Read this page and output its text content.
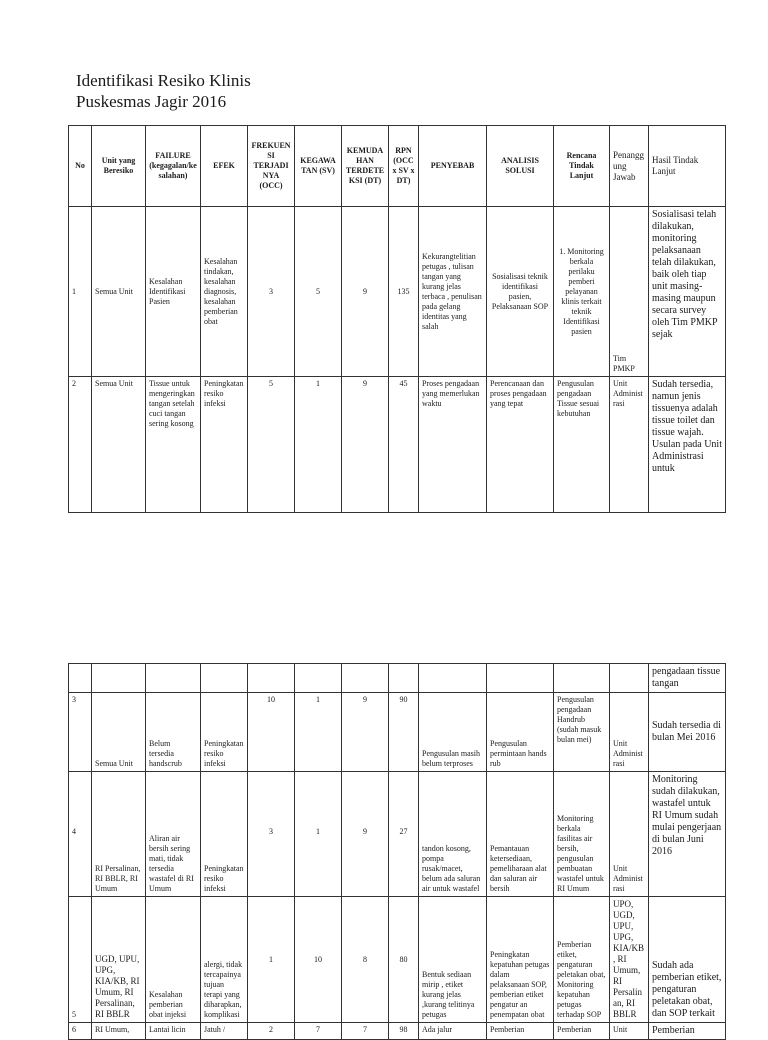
Identifikasi Resiko Klinis
Puskesmas Jagir 2016
No	Unit yang Beresiko	FAILURE (kegagalan/kesalahan)	EFEK	FREKUENSI TERJADINYA (OCC)	KEGAWATAN (SV)	KEMUDAHAN TERDETEKSI (DT)	RPN (OCC x SV x DT)	PENYEBAB	ANALISIS SOLUSI	Rencana Tindak Lanjut	Penanggung Jawab	Hasil Tindak Lanjut
1	Semua Unit	Kesalahan Identifikasi Pasien	Kesalahan tindakan, kesalahan diagnosis, kesalahan pemberian obat	3	5	9	135	Kekurangtelitian petugas , tulisan tangan yang kurang jelas terbaca , penulisan pada gelang identitas yang salah	Sosialisasi teknik identifikasi pasien, Pelaksanaan SOP	1. Monitoring berkala perilaku pemberi pelayanan klinis terkait teknik Identifikasi pasien	Tim PMKP	Sosialisasi telah dilakukan, monitoring pelaksanaan telah dilakukan, baik oleh tiap unit masing-masing maupun secara survey oleh Tim PMKP sejak
2	Semua Unit	Tissue untuk mengeringkan tangan setelah cuci tangan sering kosong	Peningkatan resiko infeksi	5	1	9	45	Proses pengadaan yang memerlukan waktu	Perencanaan dan proses pengadaan yang tepat	Pengusulan pengadaan Tissue sesuai kebutuhan	Unit Administrasi	Sudah tersedia, namun jenis tissuenya adalah tissue toilet dan tissue wajah. Usulan pada Unit Administrasi untuk
												pengadaan tissue tangan
3	Semua Unit	Belum tersedia handscrub	Peningkatan resiko infeksi	10	1	9	90	Pengusulan masih belum terproses	Pengusulan permintaan hands rub	Pengusulan pengadaan Handrub (sudah masuk bulan mei)	Unit Administrasi	Sudah tersedia di bulan Mei 2016
4	RI Persalinan, RI BBLR, RI Umum	Aliran air bersih sering mati, tidak tersedia wastafel di RI Umum	Peningkatan resiko infeksi	3	1	9	27	tandon kosong, pompa rusak/macet, belum ada saluran air untuk wastafel	Pemantauan ketersediaan, pemeliharaan alat dan saluran air bersih	Monitoring berkala fasilitas air bersih, pengusulan pembuatan wastafel untuk RI Umum	Unit Administrasi	Monitoring sudah dilakukan, wastafel untuk RI Umum sudah mulai pengerjaan di bulan Juni 2016
5	UGD, UPU, UPG, KIA/KB, RI Umum, RI Persalinan, RI BBLR	Kesalahan pemberian obat injeksi	alergi, tidak tercapainya tujuan terapi yang diharapkan, komplikasi	1	10	8	80	Bentuk sediaan mirip , etiket kurang jelas ,kurang telitinya petugas	Peningkatan kepatuhan petugas dalam pelaksanaan SOP, pemberian etiket pengatur an penempatan obat	Pemberian etiket, pengaturan peletakan obat, Monitoring kepatuhan petugas terhadap SOP	UPO, UGD, UPU, UPG, KIA/KB, RI Umum, RI Persalinan, RI BBLR	Sudah ada pemberian etiket, pengaturan peletakan obat, dan SOP terkait
6	RI Umum,	Lantai licin	Jatuh /	2	7	7	98	Ada jalur	Pemberian	Pemberian	Unit	Pemberian
